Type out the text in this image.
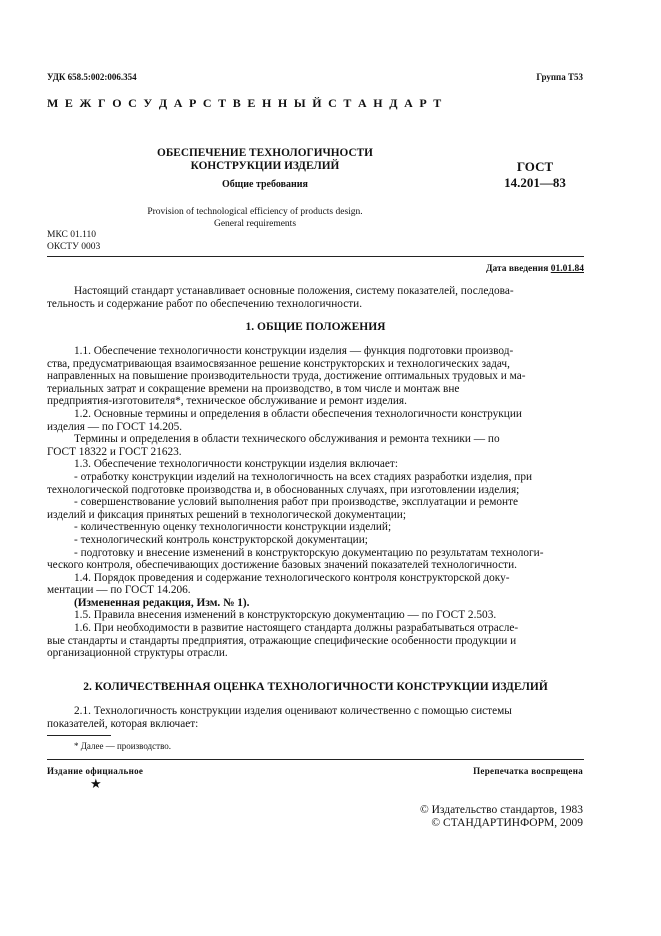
УДК 658.5:002:006.354	Группа Т53
М Е Ж Г О С У Д А Р С Т В Е Н Н Ы Й С Т А Н Д А Р Т
ОБЕСПЕЧЕНИЕ ТЕХНОЛОГИЧНОСТИ
КОНСТРУКЦИИ ИЗДЕЛИЙ
Общие требования
ГОСТ
14.201—83
Provision of technological efficiency of products design.
General requirements
МКС 01.110
ОКСТУ 0003
Дата введения 01.01.84

Настоящий стандарт устанавливает основные положения, систему показателей, последова-

тельность и содержание работ по обеспечению технологичности.

1. ОБЩИЕ ПОЛОЖЕНИЯ

1.1. Обеспечение технологичности конструкции изделия — функция подготовки производ-

ства, предусматривающая взаимосвязанное решение конструкторских и технологических задач,

направленных на повышение производительности труда, достижение оптимальных трудовых и ма-

териальных затрат и сокращение времени на производство, в том числе и монтаж вне

предприятия-изготовителя*, техническое обслуживание и ремонт изделия.

1.2. Основные термины и определения в области обеспечения технологичности конструкции

изделия — по ГОСТ 14.205.

Термины и определения в области технического обслуживания и ремонта техники — по

ГОСТ 18322 и ГОСТ 21623.

1.3. Обеспечение технологичности конструкции изделия включает:

- отработку конструкции изделий на технологичность на всех стадиях разработки изделия, при

технологической подготовке производства и, в обоснованных случаях, при изготовлении изделия;

- совершенствование условий выполнения работ при производстве, эксплуатации и ремонте

изделий и фиксация принятых решений в технологической документации;

- количественную оценку технологичности конструкции изделий;

- технологический контроль конструкторской документации;

- подготовку и внесение изменений в конструкторскую документацию по результатам технологи-

ческого контроля, обеспечивающих достижение базовых значений показателей технологичности.

1.4. Порядок проведения и содержание технологического контроля конструкторской доку-

ментации — по ГОСТ 14.206.

(Измененная редакция, Изм. № 1).

1.5. Правила внесения изменений в конструкторскую документацию — по ГОСТ 2.503.

1.6. При необходимости в развитие настоящего стандарта должны разрабатываться отрасле-

вые стандарты и стандарты предприятия, отражающие специфические особенности продукции и

организационной структуры отрасли.

2. КОЛИЧЕСТВЕННАЯ ОЦЕНКА ТЕХНОЛОГИЧНОСТИ КОНСТРУКЦИИ ИЗДЕЛИЙ

2.1. Технологичность конструкции изделия оценивают количественно с помощью системы

показателей, которая включает:

* Далее — производство.
Издание официальное	Перепечатка воспрещена
★
© Издательство стандартов, 1983
© СТАНДАРТИНФОРМ, 2009
